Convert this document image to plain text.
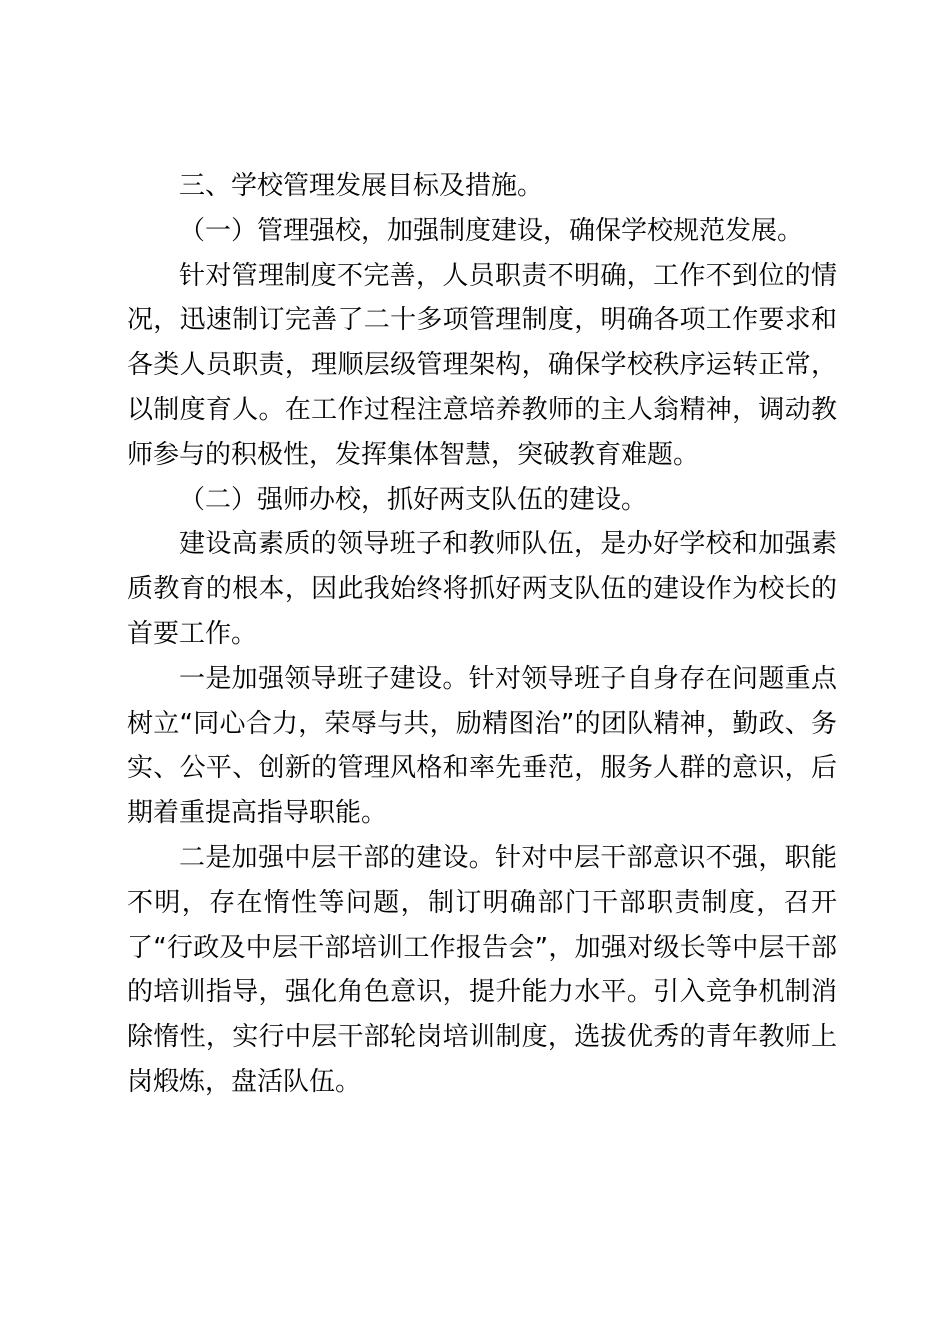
三、学校管理发展目标及措施。

（一）管理强校，加强制度建设，确保学校规范发展。

针对管理制度不完善，人员职责不明确，工作不到位的情况，迅速制订完善了二十多项管理制度，明确各项工作要求和各类人员职责，理顺层级管理架构，确保学校秩序运转正常，以制度育人。在工作过程注意培养教师的主人翁精神，调动教师参与的积极性，发挥集体智慧，突破教育难题。

（二）强师办校，抓好两支队伍的建设。

建设高素质的领导班子和教师队伍，是办好学校和加强素质教育的根本，因此我始终将抓好两支队伍的建设作为校长的首要工作。

一是加强领导班子建设。针对领导班子自身存在问题重点树立“同心合力，荣辱与共，励精图治”的团队精神，勤政、务实、公平、创新的管理风格和率先垂范，服务人群的意识，后期着重提高指导职能。

二是加强中层干部的建设。针对中层干部意识不强，职能不明，存在惰性等问题，制订明确部门干部职责制度，召开了“行政及中层干部培训工作报告会”，加强对级长等中层干部的培训指导，强化角色意识，提升能力水平。引入竞争机制消除惰性，实行中层干部轮岗培训制度，选拔优秀的青年教师上岗煅炼，盘活队伍。
